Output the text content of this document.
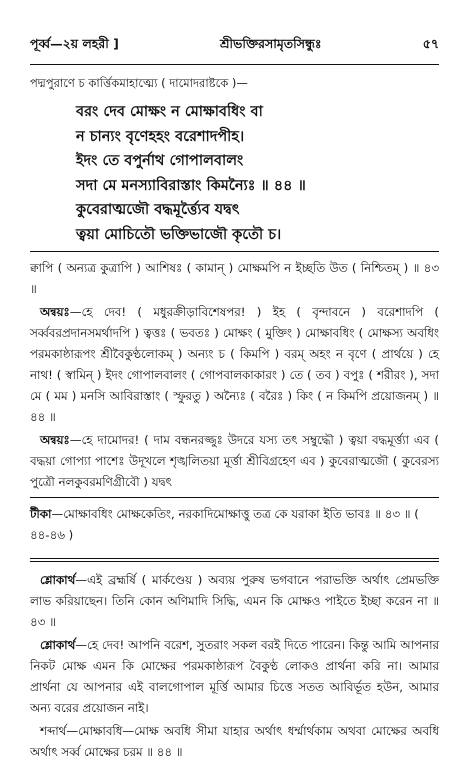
পূর্ব্ব—২য় লহরী ]	শ্রীভক্তিরসামৃতসিন্ধুঃ	৫৭
পদ্মপুরাণে চ কার্ত্তিকমাহাত্ম্যে ( দামোদরাষ্টকে )—
বরং দেব মোক্ষং ন মোক্ষাবধিং বা
ন চান্যং বৃণেহহং বরেশাদপীহ।
ইদং তে বপুর্নাথ গোপালবালং
সদা মে মনস্যাবিরাস্তাং কিমন্যৈঃ ॥ ৪৪ ॥
কুবেরাত্মজৌ বদ্ধমূর্ত্ত্যৈব যদ্বৎ
ত্বয়া মোচিতৌ ভক্তিভাজৌ কৃতৌ চ।

ক্বাপি ( অন্যত্র কুত্রাপি ) আশিষঃ ( কামান্ ) মোক্ষমপি ন ইচ্ছতি উত ( নিশ্চিতম্ ) ॥ ৪৩ ॥

অন্বয়ঃ—হে দেব! ( মধুরক্রীড়াবিশেষপর! ) ইহ ( বৃন্দাবনে ) বরেশাদপি ( সর্ব্ববরপ্রদানসমর্থাদপি ) ত্বত্তঃ ( ভবতঃ ) মোক্ষং ( মুক্তিং ) মোক্ষাবধিং ( মোক্ষস্য অবধিং পরমকাষ্ঠারূপং শ্রীবৈকুণ্ঠলোকম্ ) অন্যং চ ( কিমপি ) বরম্ অহং ন বৃণে ( প্রার্থয়ে ) হে নাথ! ( স্বামিন্ ) ইদং গোপালবালং ( গোপবালকাকারং ) তে ( তব ) বপুঃ ( শরীরং ), সদা মে ( মম ) মনসি আবিরাস্তাং ( স্ফুরতু ) অন্যৈঃ ( বরৈঃ ) কিং ( ন কিমপি প্রয়োজনম্ ) ॥ ৪৪ ॥

অন্বয়ঃ—হে দামোদর! ( দাম বন্ধনরজ্জুঃ উদরে যস্য তৎ সম্বুদ্ধৌ ) ত্বয়া বদ্ধমূর্ত্ত্যা এব ( বদ্ধয়া গোপ্যা পাশেঃ উদূখলে শৃঙ্খলিতয়া মূর্ত্তা শ্রীবিগ্রহেণ এব ) কুবেরাত্মজৌ ( কুবেরস্য পুত্রৌ নলকুবরমণিগ্রীবৌ ) যদ্বৎ

টীকা—মোক্ষাবধিং মোক্ষকেতিং, নরকাদিমোক্ষাত্তু তত্র কে যরাকা ইতি ভাবঃ ॥ ৪৩ ॥ ( ৪৪-৪৬ )

শ্লোকার্থ—এই ব্রহ্মর্ষি ( মার্কণ্ডেয় ) অব্যয় পুরুষ ভগবানে পরাভক্তি অর্থাৎ প্রেমভক্তি লাভ করিয়াছেন। তিনি কোন অণিমাদি সিদ্ধি, এমন কি মোক্ষও পাইতে ইচ্ছা করেন না ॥ ৪৩ ॥

শ্লোকার্থ—হে দেব! আপনি বরেশ, সুতরাং সকল বরই দিতে পারেন। কিন্তু আমি আপনার নিকট মোক্ষ এমন কি মোক্ষের পরমকাষ্ঠারূপ বৈকুণ্ঠ লোকও প্রার্থনা করি না। আমার প্রার্থনা যে আপনার এই বালগোপাল মূর্ত্তি আমার চিত্তে সতত আবির্ভূত হউন, আমার অন্য বরের প্রয়োজন নাই।

শব্দার্থ—মোক্ষাবধি—মোক্ষ অবধি সীমা যাহার অর্থাৎ ধর্ম্মার্থকাম অথবা মোক্ষের অবধি অর্থাৎ সর্ব্ব মোক্ষের চরম ॥ ৪৪ ॥
